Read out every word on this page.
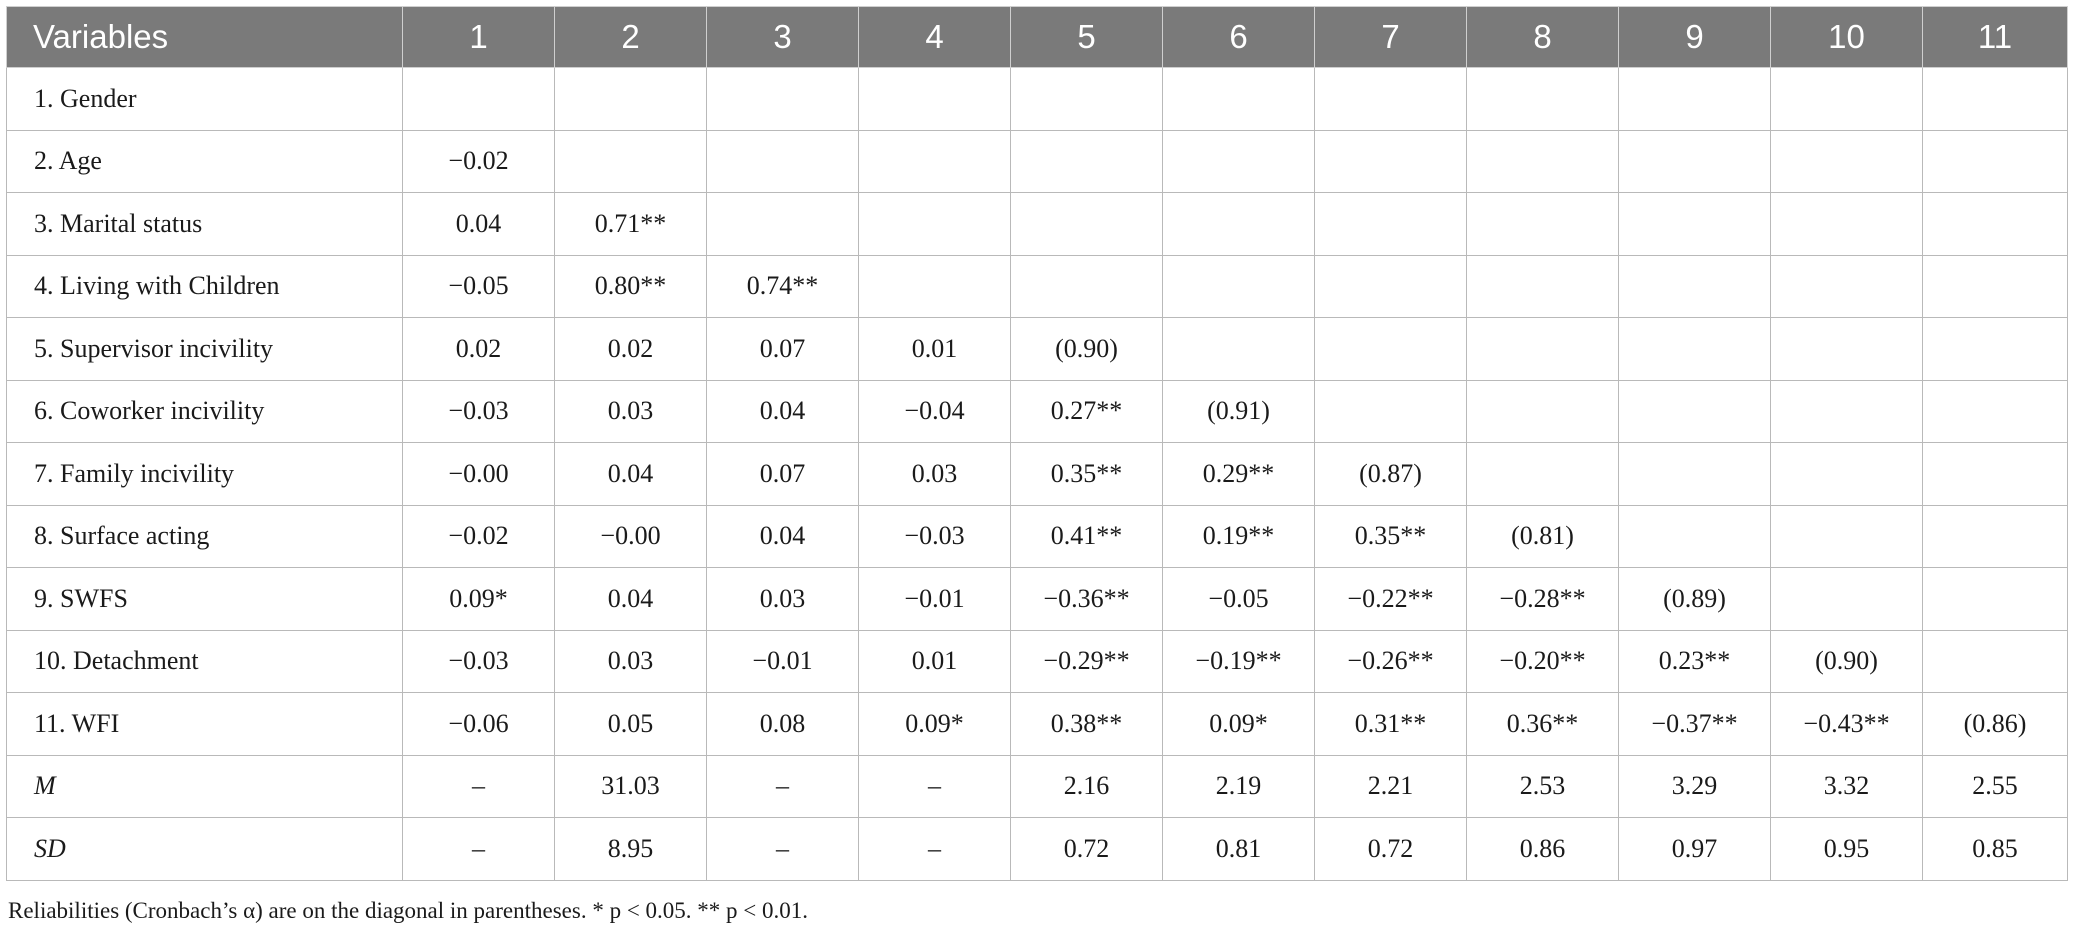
Variables	1	2	3	4	5	6	7	8	9	10	11
1. Gender											
2. Age	−0.02										
3. Marital status	0.04	0.71**									
4. Living with Children	−0.05	0.80**	0.74**								
5. Supervisor incivility	0.02	0.02	0.07	0.01	(0.90)						
6. Coworker incivility	−0.03	0.03	0.04	−0.04	0.27**	(0.91)					
7. Family incivility	−0.00	0.04	0.07	0.03	0.35**	0.29**	(0.87)				
8. Surface acting	−0.02	−0.00	0.04	−0.03	0.41**	0.19**	0.35**	(0.81)			
9. SWFS	0.09*	0.04	0.03	−0.01	−0.36**	−0.05	−0.22**	−0.28**	(0.89)		
10. Detachment	−0.03	0.03	−0.01	0.01	−0.29**	−0.19**	−0.26**	−0.20**	0.23**	(0.90)	
11. WFI	−0.06	0.05	0.08	0.09*	0.38**	0.09*	0.31**	0.36**	−0.37**	−0.43**	(0.86)
M	–	31.03	–	–	2.16	2.19	2.21	2.53	3.29	3.32	2.55
SD	–	8.95	–	–	0.72	0.81	0.72	0.86	0.97	0.95	0.85
Reliabilities (Cronbach’s α) are on the diagonal in parentheses. * p < 0.05. ** p < 0.01.
